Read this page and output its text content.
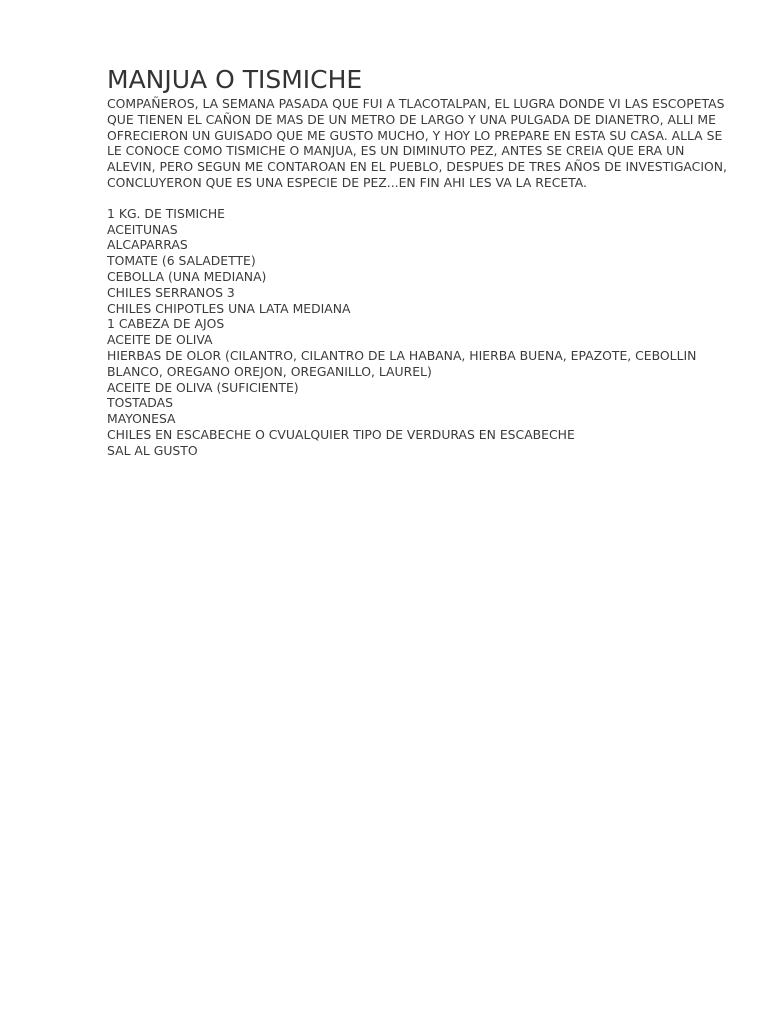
MANJUA O TISMICHE

COMPAÑEROS, LA SEMANA PASADA QUE FUI A TLACOTALPAN, EL LUGRA DONDE VI LAS ESCOPETAS QUE TIENEN EL CAÑON DE MAS DE UN METRO DE LARGO Y UNA PULGADA DE DIANETRO, ALLI ME OFRECIERON UN GUISADO QUE ME GUSTO MUCHO, Y HOY LO PREPARE EN ESTA SU CASA. ALLA SE LE CONOCE COMO TISMICHE O MANJUA, ES UN DIMINUTO PEZ, ANTES SE CREIA QUE ERA UN ALEVIN, PERO SEGUN ME CONTAROAN EN EL PUEBLO, DESPUES DE TRES AÑOS DE INVESTIGACION, CONCLUYERON QUE ES UNA ESPECIE DE PEZ...EN FIN AHI LES VA LA RECETA.

1 KG. DE TISMICHE
ACEITUNAS
ALCAPARRAS
TOMATE (6 SALADETTE)
CEBOLLA (UNA MEDIANA)
CHILES SERRANOS 3
CHILES CHIPOTLES UNA LATA MEDIANA
1 CABEZA DE AJOS
ACEITE DE OLIVA
HIERBAS DE OLOR (CILANTRO, CILANTRO DE LA HABANA, HIERBA BUENA, EPAZOTE, CEBOLLIN BLANCO, OREGANO OREJON, OREGANILLO, LAUREL)
ACEITE DE OLIVA (SUFICIENTE)
TOSTADAS
MAYONESA
CHILES EN ESCABECHE O CVUALQUIER TIPO DE VERDURAS EN ESCABECHE
SAL AL GUSTO
